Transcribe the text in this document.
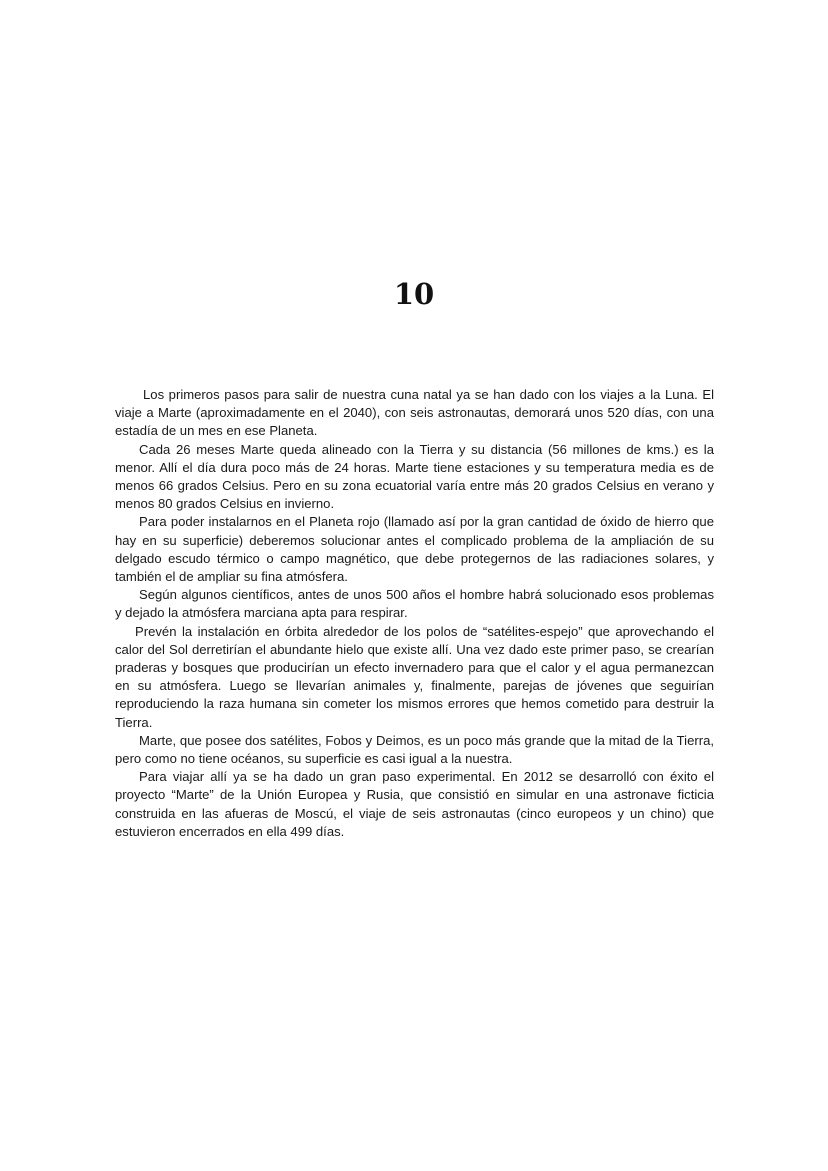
10

Los primeros pasos para salir de nuestra cuna natal ya se han dado con los viajes a la Luna. El viaje a Marte (aproximadamente en el 2040), con seis astronautas, demorará unos 520 días, con una estadía de un mes en ese Planeta.

Cada 26 meses Marte queda alineado con la Tierra y su distancia (56 millones de kms.) es la menor. Allí el día dura poco más de 24 horas. Marte tiene estaciones y su temperatura media es de menos 66 grados Celsius. Pero en su zona ecuatorial varía entre más 20 grados Celsius en verano y menos 80 grados Celsius en invierno.

Para poder instalarnos en el Planeta rojo (llamado así por la gran cantidad de óxido de hierro que hay en su superficie) deberemos solucionar antes el complicado problema de la ampliación de su delgado escudo térmico o campo magnético, que debe protegernos de las radiaciones solares, y también el de ampliar su fina atmósfera.

Según algunos científicos, antes de unos 500 años el hombre habrá solucionado esos problemas y dejado la atmósfera marciana apta para respirar.

Prevén la instalación en órbita alrededor de los polos de “satélites-espejo” que aprovechando el calor del Sol derretirían el abundante hielo que existe allí. Una vez dado este primer paso, se crearían praderas y bosques que producirían un efecto invernadero para que el calor y el agua permanezcan en su atmósfera. Luego se llevarían animales y, finalmente, parejas de jóvenes que seguirían reproduciendo la raza humana sin cometer los mismos errores que hemos cometido para destruir la Tierra.

Marte, que posee dos satélites, Fobos y Deimos, es un poco más grande que la mitad de la Tierra, pero como no tiene océanos, su superficie es casi igual a la nuestra.

Para viajar allí ya se ha dado un gran paso experimental. En 2012 se desarrolló con éxito el proyecto “Marte” de la Unión Europea y Rusia, que consistió en simular en una astronave ficticia construida en las afueras de Moscú, el viaje de seis astronautas (cinco europeos y un chino) que estuvieron encerrados en ella 499 días.
